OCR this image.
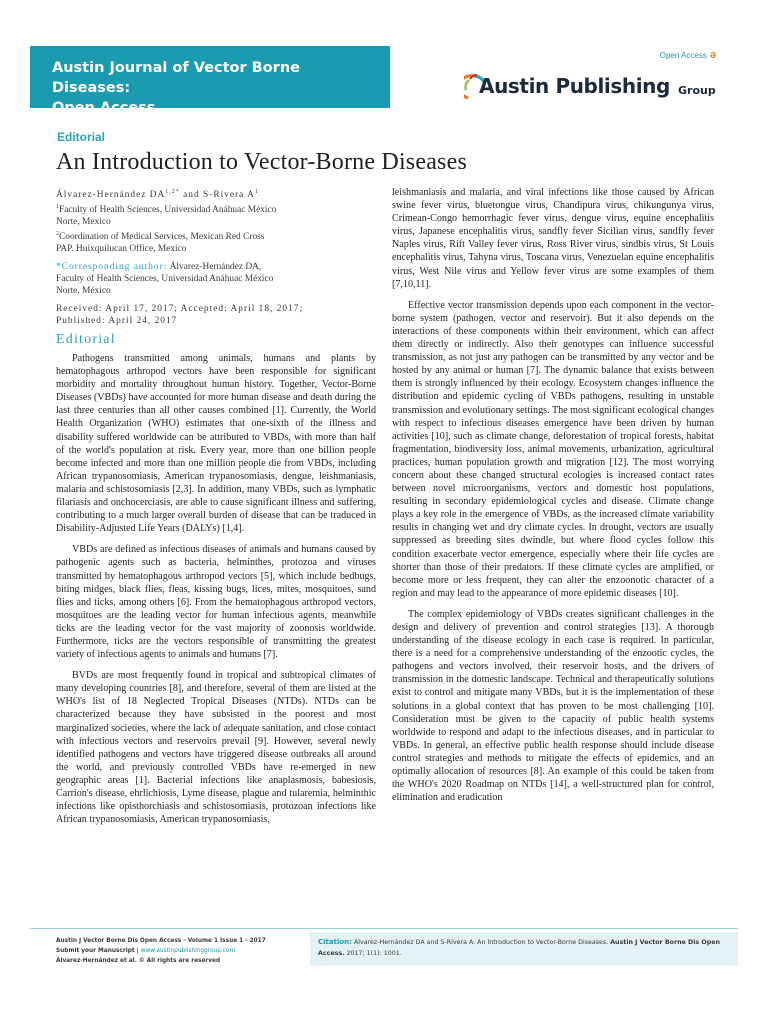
Austin Journal of Vector Borne Diseases:
Open Access
Open Access ə
Austin Publishing Group
Editorial
An Introduction to Vector-Borne Diseases

Álvarez-Hernández $DA^{1,2*}$ and S-Rivera $A^1$

$^1$Faculty of Health Sciences, Universidad Anáhuac México

Norte, Mexico

$^2$Coordination of Medical Services, Mexican Red Cross

PAP. Huixquilucan Office, Mexico

*Corresponding author: Álvarez-Hernández DA,

Faculty of Health Sciences, Universidad Anáhuac México

Norte, México

Received: April 17, 2017; Accepted: April 18, 2017;

Published: April 24, 2017

Editorial

Pathogens transmitted among animals, humans and plants by hematophagous arthropod vectors have been responsible for significant morbidity and mortality throughout human history. Together, Vector-Borne Diseases (VBDs) have accounted for more human disease and death during the last three centuries than all other causes combined [1]. Currently, the World Health Organization (WHO) estimates that one-sixth of the illness and disability suffered worldwide can be attributed to VBDs, with more than half of the world's population at risk. Every year, more than one billion people become infected and more than one million people die from VBDs, including African trypanosomiasis, American trypanosomiasis, dengue, leishmaniasis, malaria and schistosomiasis [2,3]. In addition, many VBDs, such as lymphatic filariasis and onchocerciasis, are able to cause significant illness and suffering, contributing to a much larger overall burden of disease that can be traduced in Disability-Adjusted Life Years (DALYs) [1,4].

VBDs are defined as infectious diseases of animals and humans caused by pathogenic agents such as bacteria, helminthes, protozoa and viruses transmitted by hematophagous arthropod vectors [5], which include bedbugs, biting midges, black flies, fleas, kissing bugs, lices, mites, mosquitoes, sand flies and ticks, among others [6]. From the hematophagous arthropod vectors, mosquitoes are the leading vector for human infectious agents, meanwhile ticks are the leading vector for the vast majority of zoonosis worldwide. Furthermore, ticks are the vectors responsible of transmitting the greatest variety of infectious agents to animals and humans [7].

BVDs are most frequently found in tropical and subtropical climates of many developing countries [8], and therefore, several of them are listed at the WHO's list of 18 Neglected Tropical Diseases (NTDs). NTDs can be characterized because they have subsisted in the poorest and most marginalized societies, where the lack of adequate sanitation, and close contact with infectious vectors and reservoirs prevail [9]. However, several newly identified pathogens and vectors have triggered disease outbreaks all around the world, and previously controlled VBDs have re-emerged in new geographic areas [1]. Bacterial infections like anaplasmosis, babesiosis, Carrion's disease, ehrlichiosis, Lyme disease, plague and tularemia, helminthic infections like opisthorchiasis and schistosomiasis, protozoan infections like African trypanosomiasis, American trypanosomiasis,

leishmaniasis and malaria, and viral infections like those caused by African swine fever virus, bluetongue virus, Chandipura virus, chikungunya virus, Crimean-Congo hemorrhagic fever virus, dengue virus, equine encephalitis virus, Japanese encephalitis virus, sandfly fever Sicilian virus, sandfly fever Naples virus, Rift Valley fever virus, Ross River virus, sindbis virus, St Louis encephalitis virus, Tahyna virus, Toscana virus, Venezuelan equine encephalitis virus, West Nile virus and Yellow fever virus are some examples of them [7,10,11].

Effective vector transmission depends upon each component in the vector-borne system (pathogen, vector and reservoir). But it also depends on the interactions of these components within their environment, which can affect them directly or indirectly. Also their genotypes can influence successful transmission, as not just any pathogen can be transmitted by any vector and be hosted by any animal or human [7]. The dynamic balance that exists between them is strongly influenced by their ecology. Ecosystem changes influence the distribution and epidemic cycling of VBDs pathogens, resulting in unstable transmission and evolutionary settings. The most significant ecological changes with respect to infectious diseases emergence have been driven by human activities [10], such as climate change, deforestation of tropical forests, habitat fragmentation, biodiversity loss, animal movements, urbanization, agricultural practices, human population growth and migration [12]. The most worrying concern about these changed structural ecologies is increased contact rates between novel microorganisms, vectors and domestic host populations, resulting in secondary epidemiological cycles and disease. Climate change plays a key role in the emergence of VBDs, as the increased climate variability results in changing wet and dry climate cycles. In drought, vectors are usually suppressed as breeding sites dwindle, but where flood cycles follow this condition exacerbate vector emergence, especially where their life cycles are shorter than those of their predators. If these climate cycles are amplified, or become more or less frequent, they can alter the enzoonotic character of a region and may lead to the appearance of more epidemic diseases [10].

The complex epidemiology of VBDs creates significant challenges in the design and delivery of prevention and control strategies [13]. A thorough understanding of the disease ecology in each case is required. In particular, there is a need for a comprehensive understanding of the enzootic cycles, the pathogens and vectors involved, their reservoir hosts, and the drivers of transmission in the domestic landscape. Technical and therapeutically solutions exist to control and mitigate many VBDs, but it is the implementation of these solutions in a global context that has proven to be most challenging [10]. Consideration must be given to the capacity of public health systems worldwide to respond and adapt to the infectious diseases, and in particular to VBDs. In general, an effective public health response should include disease control strategies and methods to mitigate the effects of epidemics, and an optimally allocation of resources [8]. An example of this could be taken from the WHO's 2020 Roadmap on NTDs [14], a well-structured plan for control, elimination and eradication

Austin J Vector Borne Dis Open Access - Volume 1 Issue 1 - 2017
Submit your Manuscript | www.austinpublishinggroup.com
Álvarez-Hernández et al. © All rights are reserved
Citation: Álvarez-Hernández DA and S-Rivera A. An Introduction to Vector-Borne Diseases. Austin J Vector Borne Dis Open Access. 2017; 1(1): 1001.
